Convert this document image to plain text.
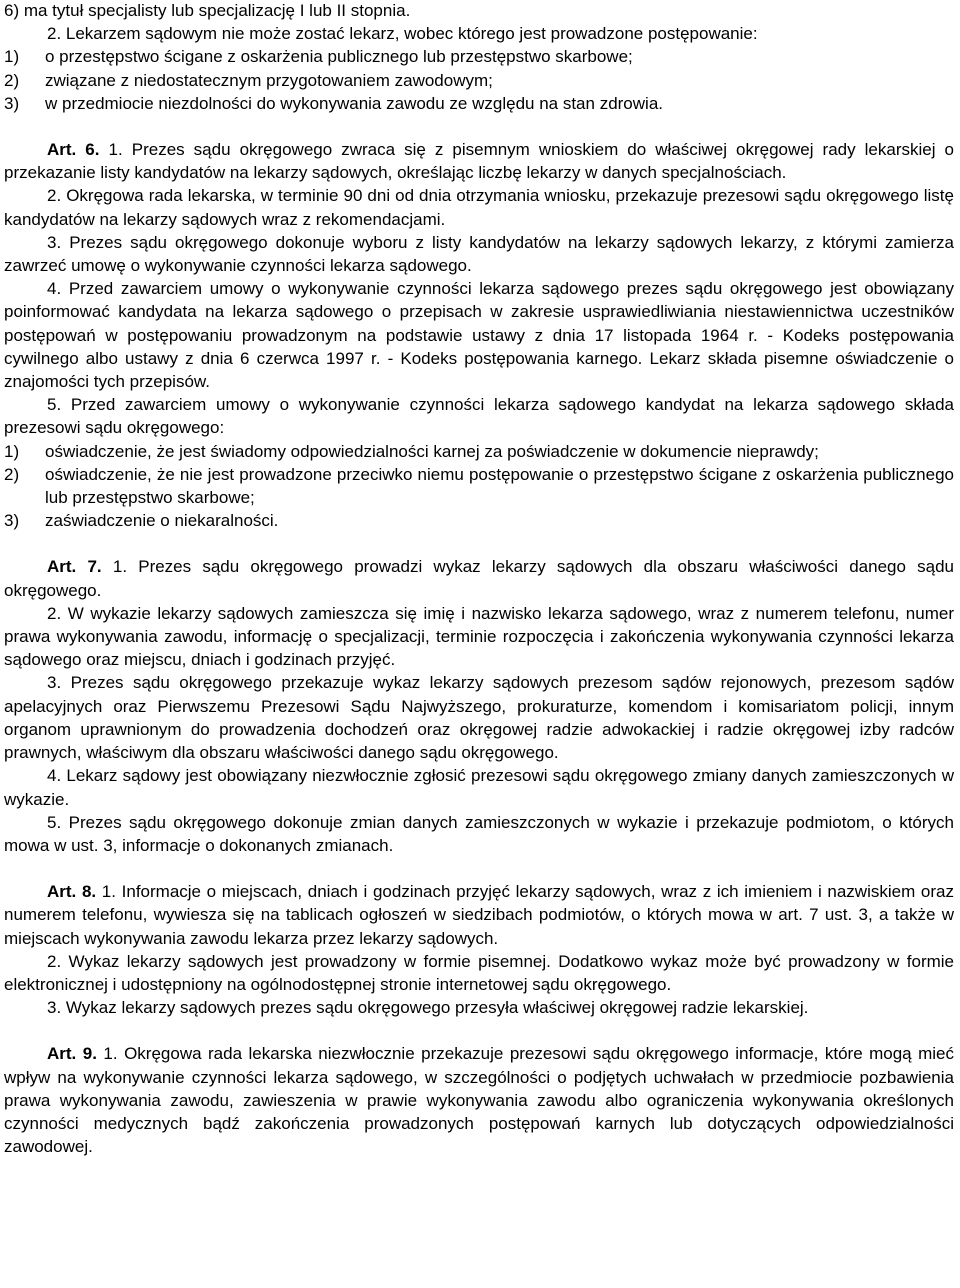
6) ma tytuł specjalisty lub specjalizację I lub II stopnia.

2. Lekarzem sądowym nie może zostać lekarz, wobec którego jest prowadzone postępowanie:

1) o przestępstwo ścigane z oskarżenia publicznego lub przestępstwo skarbowe;
2) związane z niedostatecznym przygotowaniem zawodowym;
3) w przedmiocie niezdolności do wykonywania zawodu ze względu na stan zdrowia.

Art. 6. 1. Prezes sądu okręgowego zwraca się z pisemnym wnioskiem do właściwej okręgowej rady lekarskiej o przekazanie listy kandydatów na lekarzy sądowych, określając liczbę lekarzy w danych specjalnościach.

2. Okręgowa rada lekarska, w terminie 90 dni od dnia otrzymania wniosku, przekazuje prezesowi sądu okręgowego listę kandydatów na lekarzy sądowych wraz z rekomendacjami.

3. Prezes sądu okręgowego dokonuje wyboru z listy kandydatów na lekarzy sądowych lekarzy, z którymi zamierza zawrzeć umowę o wykonywanie czynności lekarza sądowego.

4. Przed zawarciem umowy o wykonywanie czynności lekarza sądowego prezes sądu okręgowego jest obowiązany poinformować kandydata na lekarza sądowego o przepisach w zakresie usprawiedliwiania niestawiennictwa uczestników postępowań w postępowaniu prowadzonym na podstawie ustawy z dnia 17 listopada 1964 r. - Kodeks postępowania cywilnego albo ustawy z dnia 6 czerwca 1997 r. - Kodeks postępowania karnego. Lekarz składa pisemne oświadczenie o znajomości tych przepisów.

5. Przed zawarciem umowy o wykonywanie czynności lekarza sądowego kandydat na lekarza sądowego składa prezesowi sądu okręgowego:

1) oświadczenie, że jest świadomy odpowiedzialności karnej za poświadczenie w dokumencie nieprawdy;
2) oświadczenie, że nie jest prowadzone przeciwko niemu postępowanie o przestępstwo ścigane z oskarżenia publicznego lub przestępstwo skarbowe;
3) zaświadczenie o niekaralności.

Art. 7. 1. Prezes sądu okręgowego prowadzi wykaz lekarzy sądowych dla obszaru właściwości danego sądu okręgowego.

2. W wykazie lekarzy sądowych zamieszcza się imię i nazwisko lekarza sądowego, wraz z numerem telefonu, numer prawa wykonywania zawodu, informację o specjalizacji, terminie rozpoczęcia i zakończenia wykonywania czynności lekarza sądowego oraz miejscu, dniach i godzinach przyjęć.

3. Prezes sądu okręgowego przekazuje wykaz lekarzy sądowych prezesom sądów rejonowych, prezesom sądów apelacyjnych oraz Pierwszemu Prezesowi Sądu Najwyższego, prokuraturze, komendom i komisariatom policji, innym organom uprawnionym do prowadzenia dochodzeń oraz okręgowej radzie adwokackiej i radzie okręgowej izby radców prawnych, właściwym dla obszaru właściwości danego sądu okręgowego.

4. Lekarz sądowy jest obowiązany niezwłocznie zgłosić prezesowi sądu okręgowego zmiany danych zamieszczonych w wykazie.

5. Prezes sądu okręgowego dokonuje zmian danych zamieszczonych w wykazie i przekazuje podmiotom, o których mowa w ust. 3, informacje o dokonanych zmianach.

Art. 8. 1. Informacje o miejscach, dniach i godzinach przyjęć lekarzy sądowych, wraz z ich imieniem i nazwiskiem oraz numerem telefonu, wywiesza się na tablicach ogłoszeń w siedzibach podmiotów, o których mowa w art. 7 ust. 3, a także w miejscach wykonywania zawodu lekarza przez lekarzy sądowych.

2. Wykaz lekarzy sądowych jest prowadzony w formie pisemnej. Dodatkowo wykaz może być prowadzony w formie elektronicznej i udostępniony na ogólnodostępnej stronie internetowej sądu okręgowego.

3. Wykaz lekarzy sądowych prezes sądu okręgowego przesyła właściwej okręgowej radzie lekarskiej.

Art. 9. 1. Okręgowa rada lekarska niezwłocznie przekazuje prezesowi sądu okręgowego informacje, które mogą mieć wpływ na wykonywanie czynności lekarza sądowego, w szczególności o podjętych uchwałach w przedmiocie pozbawienia prawa wykonywania zawodu, zawieszenia w prawie wykonywania zawodu albo ograniczenia wykonywania określonych czynności medycznych bądź zakończenia prowadzonych postępowań karnych lub dotyczących odpowiedzialności zawodowej.
